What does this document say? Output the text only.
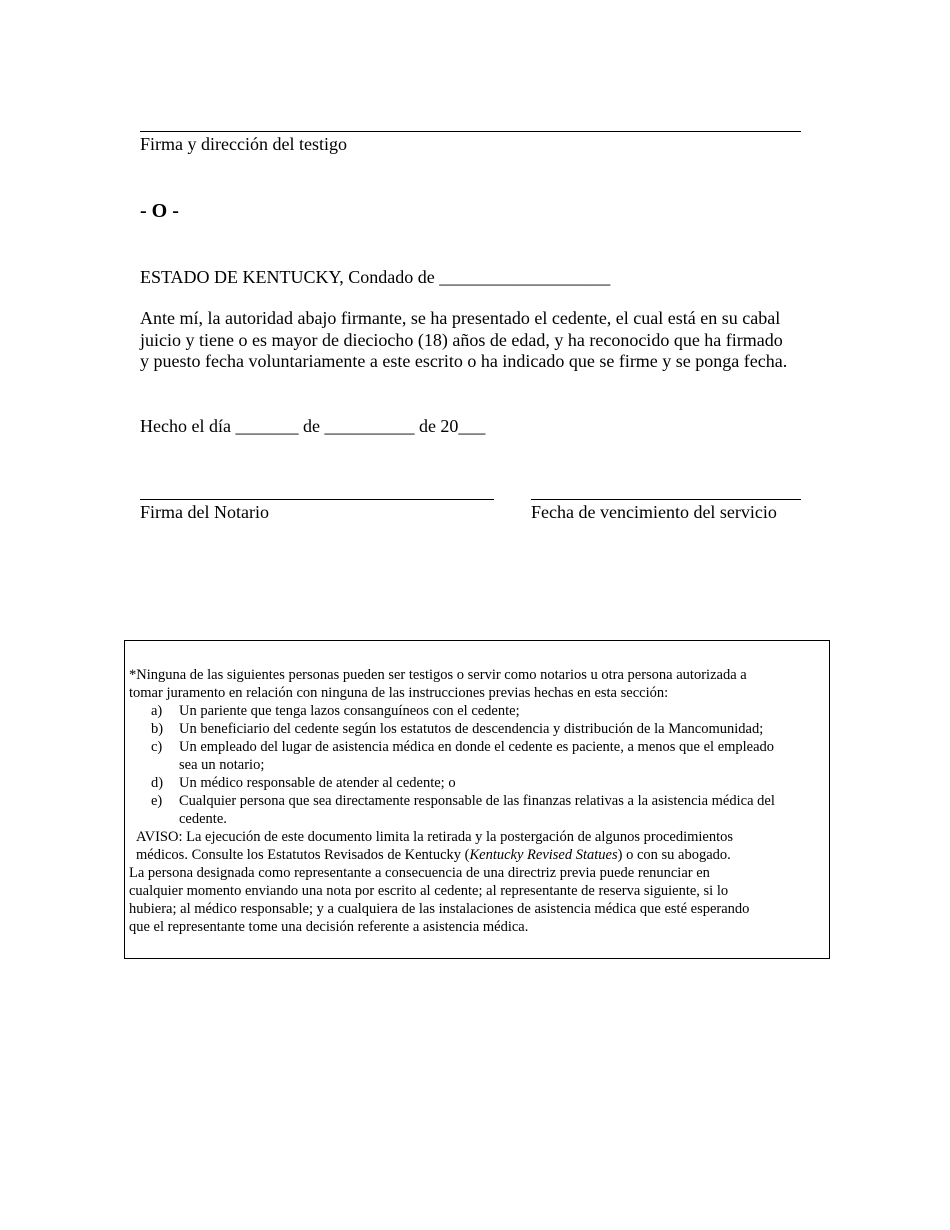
Firma y dirección del testigo
- O -
ESTADO DE KENTUCKY, Condado de ___________________
Ante mí, la autoridad abajo firmante, se ha presentado el cedente, el cual está en su cabal
juicio y tiene o es mayor de dieciocho (18) años de edad, y ha reconocido que ha firmado
y puesto fecha voluntariamente a este escrito o ha indicado que se firme y se ponga fecha.
Hecho el día _______ de __________ de 20___
Firma del Notario	Fecha de vencimiento del servicio
*Ninguna de las siguientes personas pueden ser testigos o servir como notarios u otra persona autorizada a
tomar juramento en relación con ninguna de las instrucciones previas hechas en esta sección:
a) Un pariente que tenga lazos consanguíneos con el cedente;
b) Un beneficiario del cedente según los estatutos de descendencia y distribución de la Mancomunidad;
c) Un empleado del lugar de asistencia médica en donde el cedente es paciente, a menos que el empleado
sea un notario;
d) Un médico responsable de atender al cedente; o
e) Cualquier persona que sea directamente responsable de las finanzas relativas a la asistencia médica del
cedente.
AVISO: La ejecución de este documento limita la retirada y la postergación de algunos procedimientos
médicos. Consulte los Estatutos Revisados de Kentucky (Kentucky Revised Statues) o con su abogado.
La persona designada como representante a consecuencia de una directriz previa puede renunciar en
cualquier momento enviando una nota por escrito al cedente; al representante de reserva siguiente, si lo
hubiera; al médico responsable; y a cualquiera de las instalaciones de asistencia médica que esté esperando
que el representante tome una decisión referente a asistencia médica.
